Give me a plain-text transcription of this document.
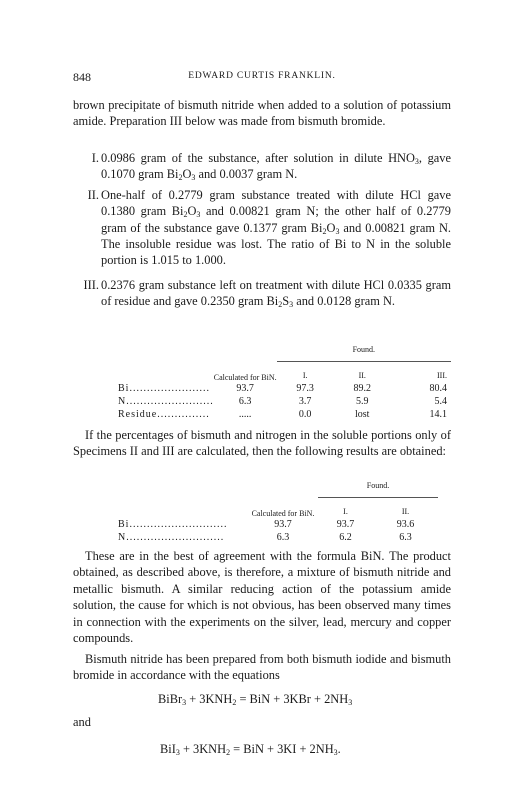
848	EDWARD CURTIS FRANKLIN.

brown precipitate of bismuth nitride when added to a solution of potassium amide. Preparation III below was made from bismuth bromide.

I. 0.0986 gram of the substance, after solution in dilute $HNO_3$, gave 0.1070 gram $Bi_2O_3$ and 0.0037 gram N.
II. One-half of 0.2779 gram substance treated with dilute HCl gave 0.1380 gram $Bi_2O_3$ and 0.00821 gram N; the other half of 0.2779 gram of the substance gave 0.1377 gram $Bi_2O_3$ and 0.00821 gram N. The insoluble residue was lost. The ratio of Bi to N in the soluble portion is 1.015 to 1.000.
III. 0.2376 gram substance left on treatment with dilute HCl 0.0335 gram of residue and gave 0.2350 gram $Bi_2S_3$ and 0.0128 gram N.
		Found.		
	Calculated for BiN.			

		I.	II.	III.
Bi.......................	93.7	97.3	89.2	80.4
N.........................	6.3	3.7	5.9	5.4
Residue...............	.....	0.0	lost	14.1

If the percentages of bismuth and nitrogen in the soluble portions only of Specimens II and III are calculated, then the following results are obtained:

		Found.	
	Calculated for BiN.		

		I.	II.
Bi............................	93.7	93.7	93.6
N............................	6.3	6.2	6.3

These are in the best of agreement with the formula BiN. The product obtained, as described above, is therefore, a mixture of bismuth nitride and metallic bismuth. A similar reducing action of the potassium amide solution, the cause for which is not obvious, has been observed many times in connection with the experiments on the silver, lead, mercury and copper compounds.

Bismuth nitride has been prepared from both bismuth iodide and bismuth bromide in accordance with the equations

BiBr$_3$ + $3KNH_2$ = BiN + $3KBr + 2NH_3$
and
$BiI_3 + 3KNH_2$ = BiN + $3KI + 2NH_3$.
